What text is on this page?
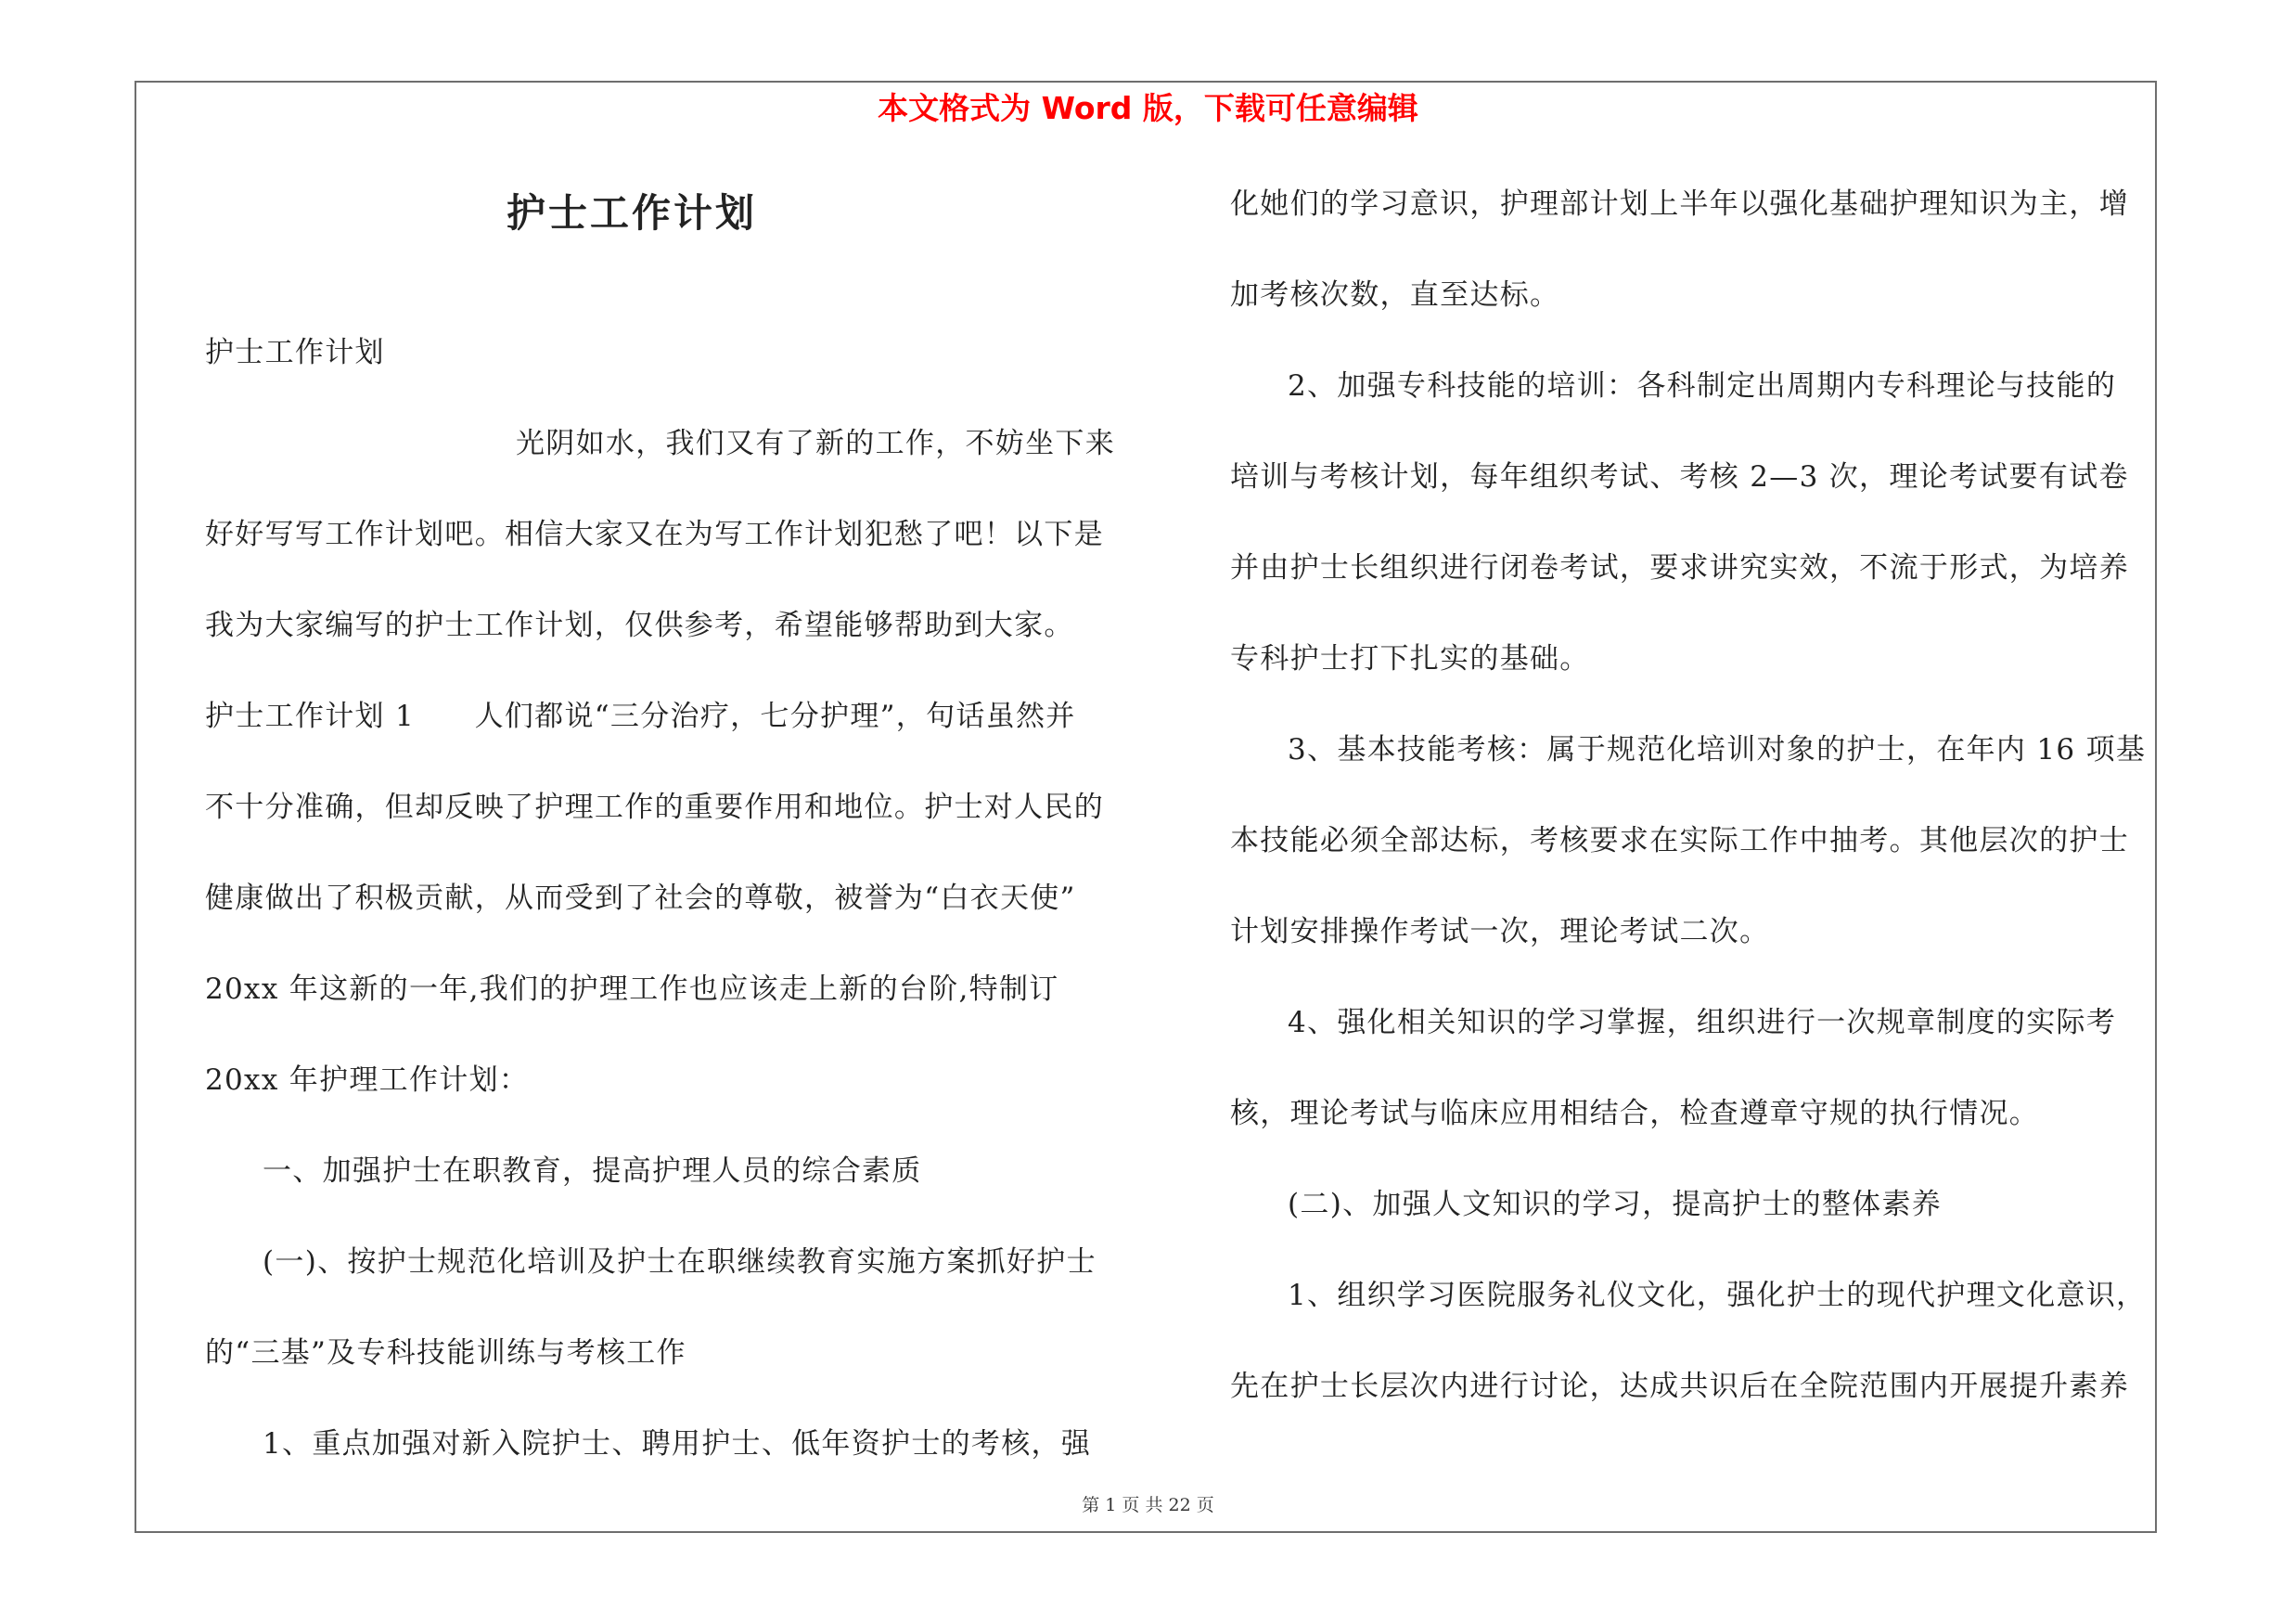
本文格式为 Word 版，下载可任意编辑
护士工作计划
护士工作计划
光阴如水，我们又有了新的工作，不妨坐下来
好好写写工作计划吧。相信大家又在为写工作计划犯愁了吧！以下是
我为大家编写的护士工作计划，仅供参考，希望能够帮助到大家。
护士工作计划 1　　人们都说“三分治疗，七分护理”，句话虽然并
不十分准确，但却反映了护理工作的重要作用和地位。护士对人民的
健康做出了积极贡献，从而受到了社会的尊敬，被誉为“白衣天使”
20xx 年这新的一年,我们的护理工作也应该走上新的台阶,特制订
20xx 年护理工作计划：
一、加强护士在职教育，提高护理人员的综合素质
(一)、按护士规范化培训及护士在职继续教育实施方案抓好护士
的“三基”及专科技能训练与考核工作
1、重点加强对新入院护士、聘用护士、低年资护士的考核，强
化她们的学习意识，护理部计划上半年以强化基础护理知识为主，增
加考核次数，直至达标。
2、加强专科技能的培训：各科制定出周期内专科理论与技能的
培训与考核计划，每年组织考试、考核 2—3 次，理论考试要有试卷
并由护士长组织进行闭卷考试，要求讲究实效，不流于形式，为培养
专科护士打下扎实的基础。
3、基本技能考核：属于规范化培训对象的护士，在年内 16 项基
本技能必须全部达标，考核要求在实际工作中抽考。其他层次的护士
计划安排操作考试一次，理论考试二次。
4、强化相关知识的学习掌握，组织进行一次规章制度的实际考
核，理论考试与临床应用相结合，检查遵章守规的执行情况。
(二)、加强人文知识的学习，提高护士的整体素养
1、组织学习医院服务礼仪文化，强化护士的现代护理文化意识，
先在护士长层次内进行讨论，达成共识后在全院范围内开展提升素养
第 1 页 共 22 页
